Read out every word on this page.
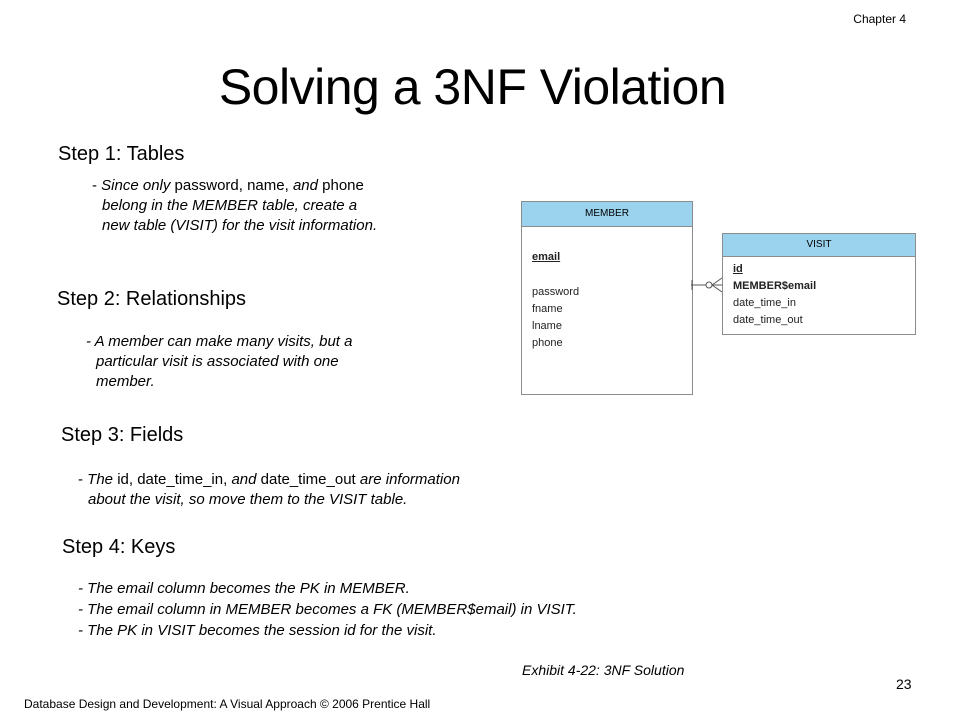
Chapter 4
Solving a 3NF Violation
Step 1: Tables
- Since only password, name, and phone
belong in the MEMBER table, create a
new table (VISIT) for the visit information.
Step 2: Relationships
- A member can make many visits, but a
particular visit is associated with one
member.
Step 3: Fields
- The id, date_time_in, and date_time_out are information
about the visit, so move them to the VISIT table.
Step 4: Keys
- The email column becomes the PK in MEMBER.
- The email column in MEMBER becomes a FK (MEMBER$email) in VISIT.
- The PK in VISIT becomes the session id for the visit.
MEMBER
email
password
fname
lname
phone
VISIT
id
MEMBER$email
date_time_in
date_time_out
Exhibit 4-22: 3NF Solution
23
Database Design and Development: A Visual Approach © 2006 Prentice Hall
